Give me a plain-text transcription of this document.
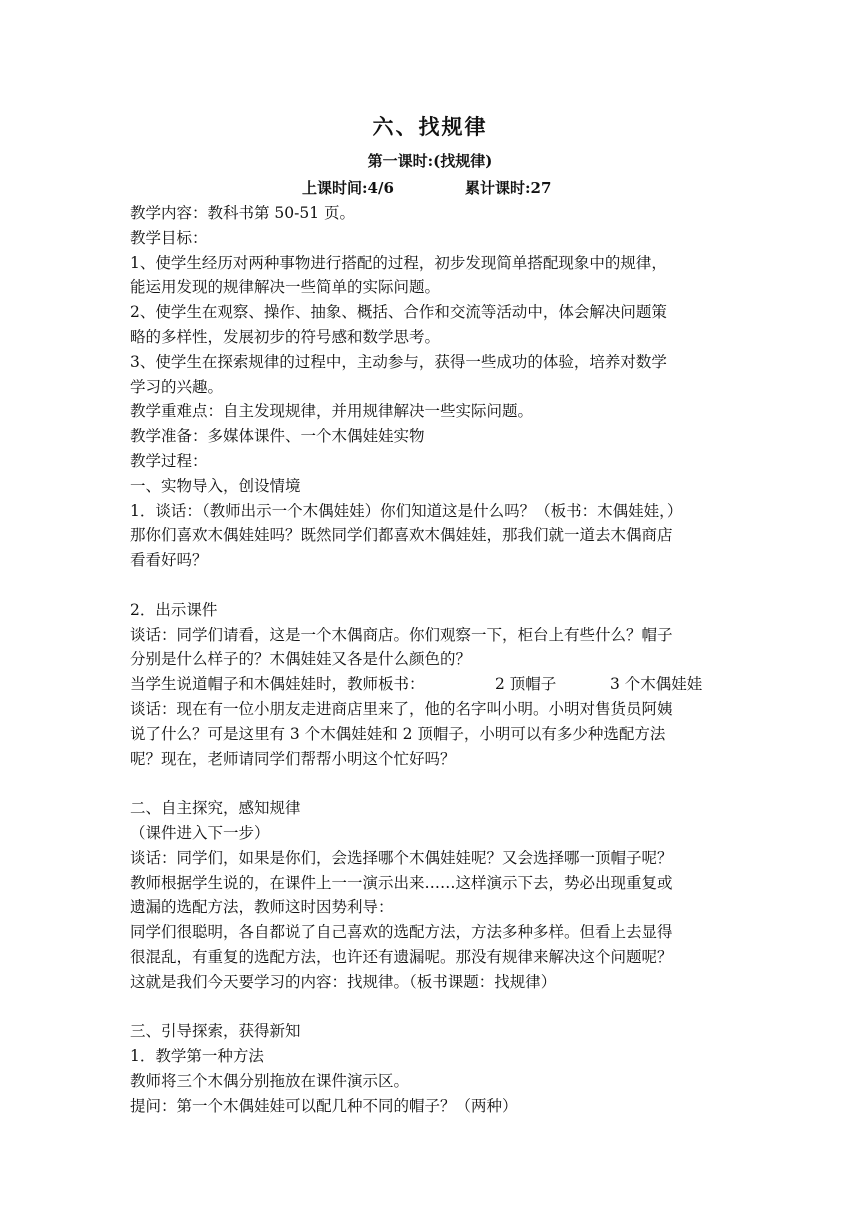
六、找规律
第一课时:(找规律)
上课时间:4/6	累计课时:27

教学内容：教科书第 50-51 页。

教学目标：

1、使学生经历对两种事物进行搭配的过程，初步发现简单搭配现象中的规律，

能运用发现的规律解决一些简单的实际问题。

2、使学生在观察、操作、抽象、概括、合作和交流等活动中，体会解决问题策

略的多样性，发展初步的符号感和数学思考。

3、使学生在探索规律的过程中，主动参与，获得一些成功的体验，培养对数学

学习的兴趣。

教学重难点：自主发现规律，并用规律解决一些实际问题。

教学准备：多媒体课件、一个木偶娃娃实物

教学过程：

一、实物导入，创设情境

1．谈话：（教师出示一个木偶娃娃）你们知道这是什么吗？（板书：木偶娃娃，）

那你们喜欢木偶娃娃吗？既然同学们都喜欢木偶娃娃，那我们就一道去木偶商店

看看好吗？

2．出示课件

谈话：同学们请看，这是一个木偶商店。你们观察一下，柜台上有些什么？帽子

分别是什么样子的？木偶娃娃又各是什么颜色的？

当学生说道帽子和木偶娃娃时，教师板书：	2 顶帽子	3 个木偶娃娃

谈话：现在有一位小朋友走进商店里来了，他的名字叫小明。小明对售货员阿姨

说了什么？可是这里有 3 个木偶娃娃和 2 顶帽子，小明可以有多少种选配方法

呢？现在，老师请同学们帮帮小明这个忙好吗？

二、自主探究，感知规律

（课件进入下一步）

谈话：同学们，如果是你们，会选择哪个木偶娃娃呢？又会选择哪一顶帽子呢？

教师根据学生说的，在课件上一一演示出来……这样演示下去，势必出现重复或

遗漏的选配方法，教师这时因势利导：

同学们很聪明，各自都说了自己喜欢的选配方法，方法多种多样。但看上去显得

很混乱，有重复的选配方法，也许还有遗漏呢。那没有规律来解决这个问题呢？

这就是我们今天要学习的内容：找规律。（板书课题：找规律）

三、引导探索，获得新知

1．教学第一种方法

教师将三个木偶分别拖放在课件演示区。

提问：第一个木偶娃娃可以配几种不同的帽子？（两种）
